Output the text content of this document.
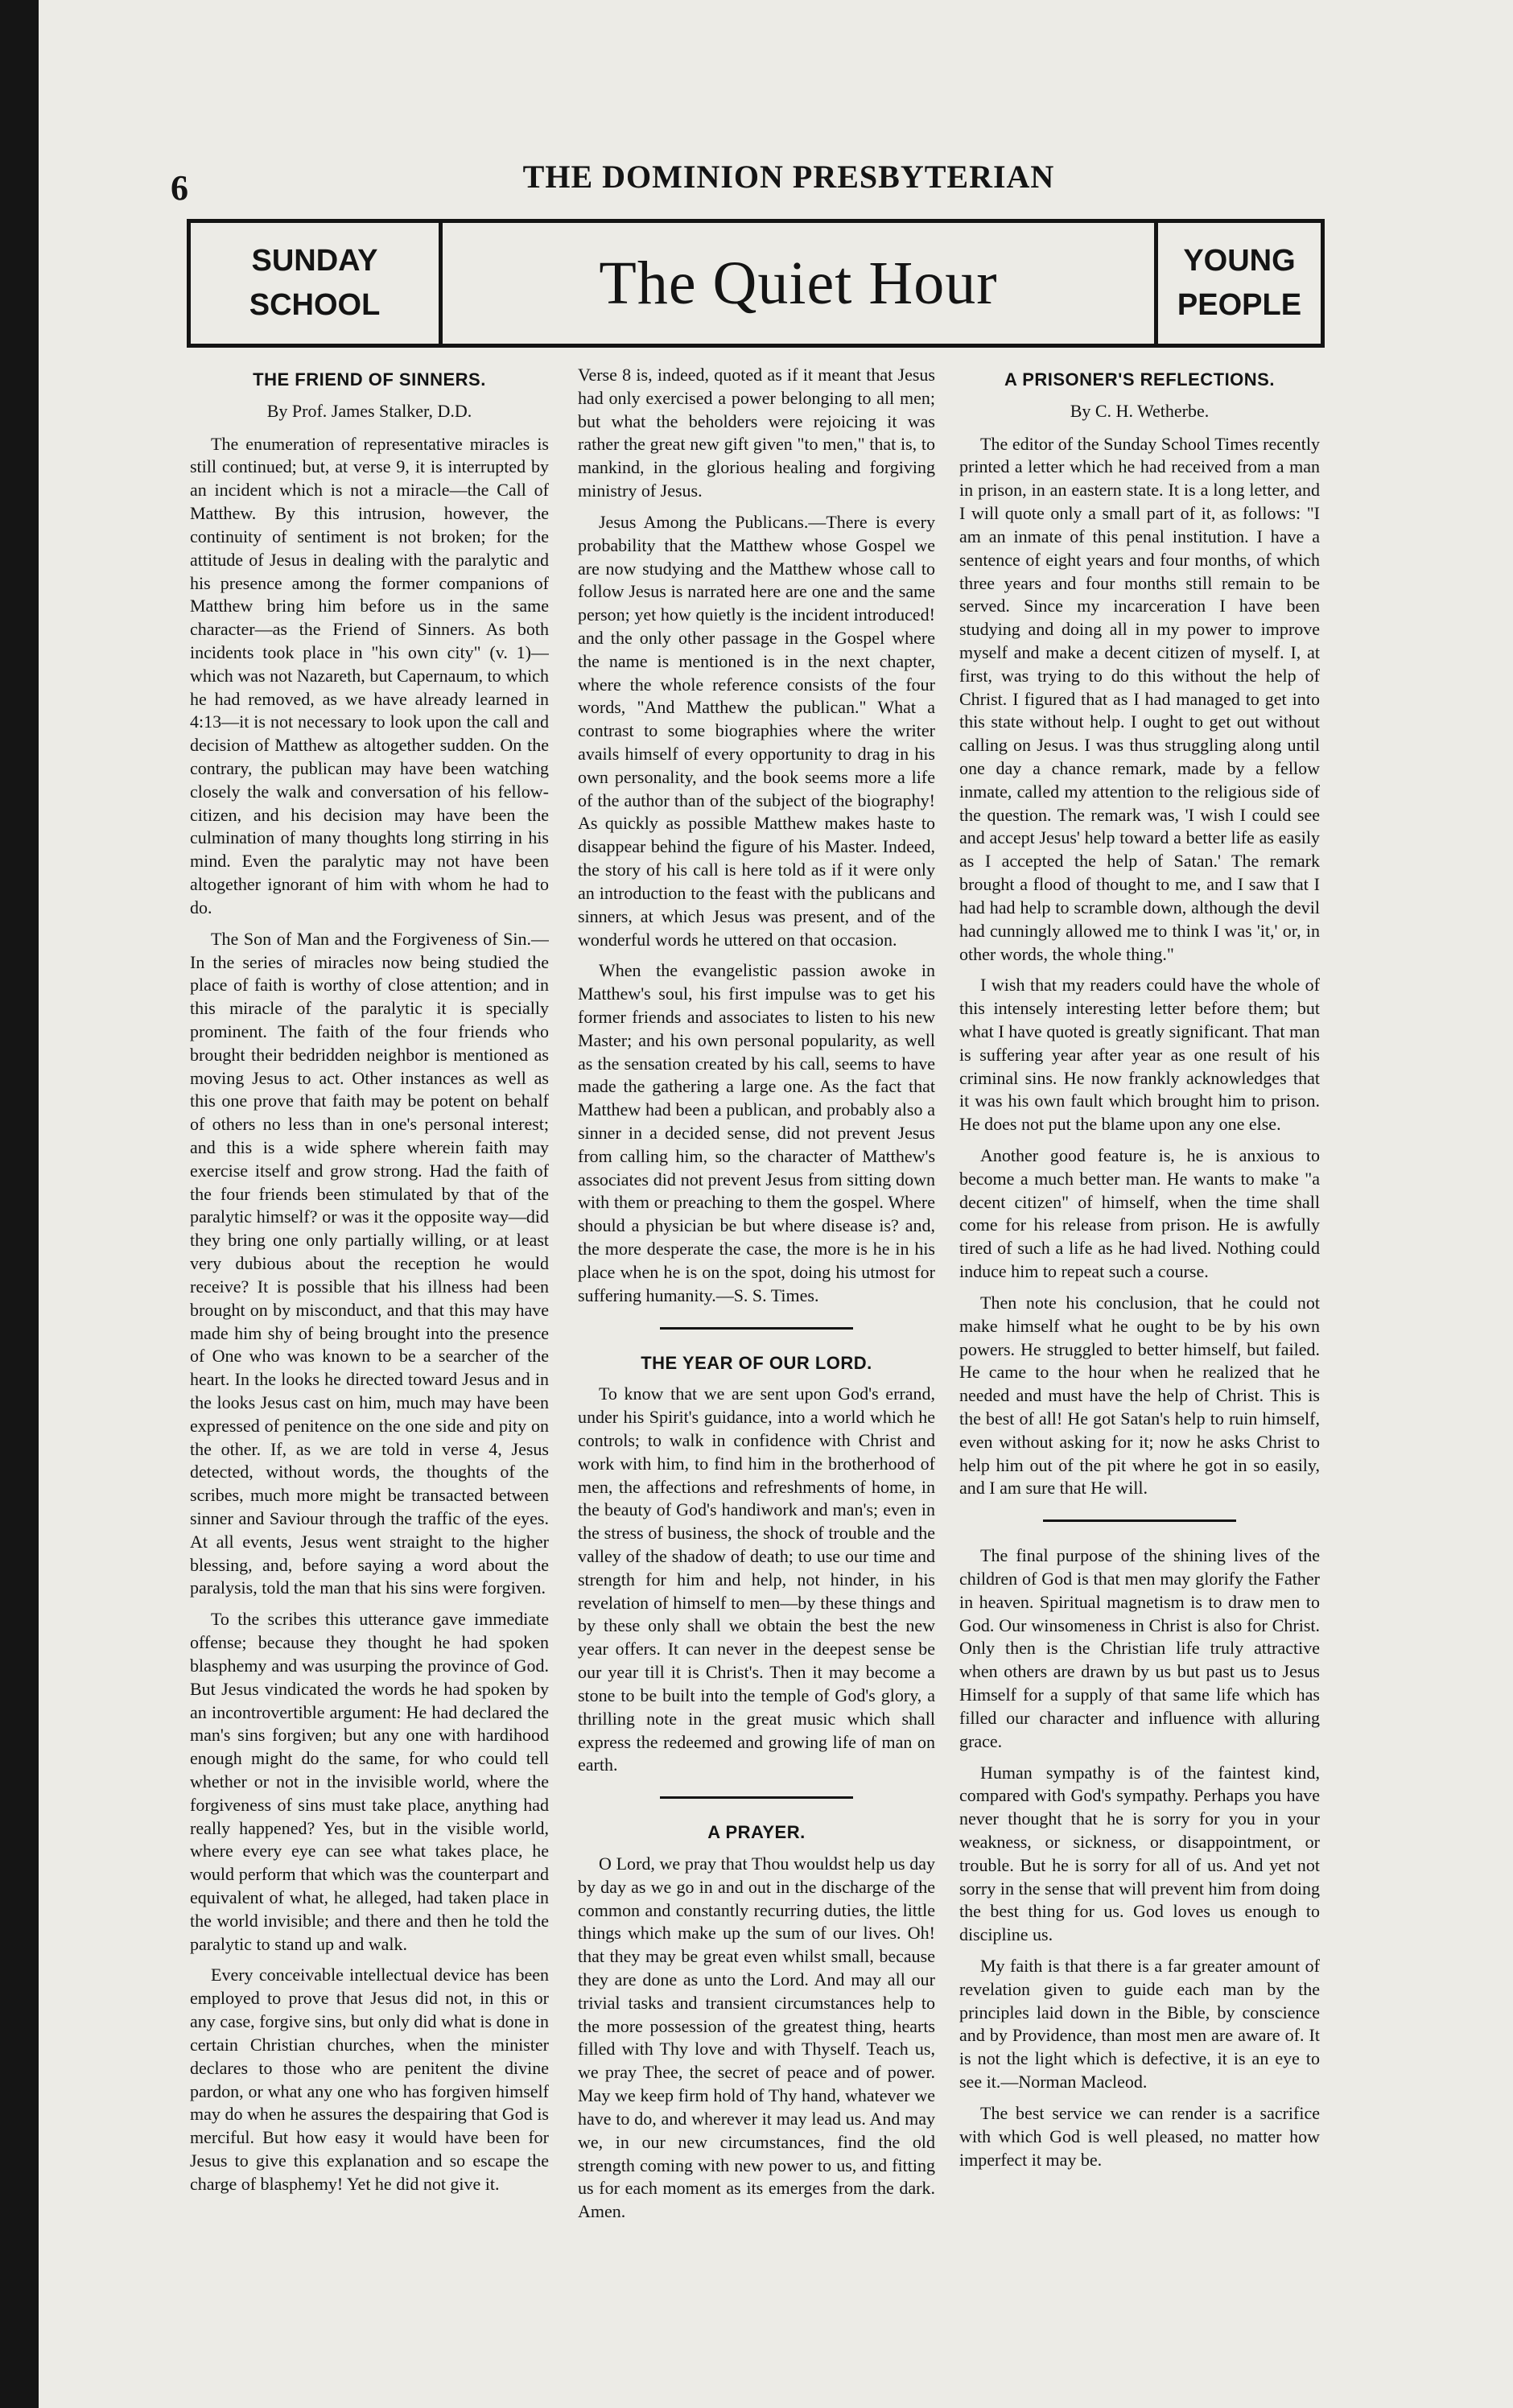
6	THE DOMINION PRESBYTERIAN
SUNDAY
SCHOOL	The Quiet Hour	YOUNG
PEOPLE
THE FRIEND OF SINNERS.
By Prof. James Stalker, D.D.

The enumeration of representative miracles is still continued; but, at verse 9, it is interrupted by an incident which is not a miracle—the Call of Matthew. By this intrusion, however, the continuity of sentiment is not broken; for the attitude of Jesus in dealing with the paralytic and his presence among the former companions of Matthew bring him before us in the same character—as the Friend of Sinners. As both incidents took place in "his own city" (v. 1)—which was not Nazareth, but Capernaum, to which he had removed, as we have already learned in 4:13—it is not necessary to look upon the call and decision of Matthew as altogether sudden. On the contrary, the publican may have been watching closely the walk and conversation of his fellow-citizen, and his decision may have been the culmination of many thoughts long stirring in his mind. Even the paralytic may not have been altogether ignorant of him with whom he had to do.

The Son of Man and the Forgiveness of Sin.—In the series of miracles now being studied the place of faith is worthy of close attention; and in this miracle of the paralytic it is specially prominent. The faith of the four friends who brought their bedridden neighbor is mentioned as moving Jesus to act. Other instances as well as this one prove that faith may be potent on behalf of others no less than in one's personal interest; and this is a wide sphere wherein faith may exercise itself and grow strong. Had the faith of the four friends been stimulated by that of the paralytic himself? or was it the opposite way—did they bring one only partially willing, or at least very dubious about the reception he would receive? It is possible that his illness had been brought on by misconduct, and that this may have made him shy of being brought into the presence of One who was known to be a searcher of the heart. In the looks he directed toward Jesus and in the looks Jesus cast on him, much may have been expressed of penitence on the one side and pity on the other. If, as we are told in verse 4, Jesus detected, without words, the thoughts of the scribes, much more might be transacted between sinner and Saviour through the traffic of the eyes. At all events, Jesus went straight to the higher blessing, and, before saying a word about the paralysis, told the man that his sins were forgiven.

To the scribes this utterance gave immediate offense; because they thought he had spoken blasphemy and was usurping the province of God. But Jesus vindicated the words he had spoken by an incontrovertible argument: He had declared the man's sins forgiven; but any one with hardihood enough might do the same, for who could tell whether or not in the invisible world, where the forgiveness of sins must take place, anything had really happened? Yes, but in the visible world, where every eye can see what takes place, he would perform that which was the counterpart and equivalent of what, he alleged, had taken place in the world invisible; and there and then he told the paralytic to stand up and walk.

Every conceivable intellectual device has been employed to prove that Jesus did not, in this or any case, forgive sins, but only did what is done in certain Christian churches, when the minister declares to those who are penitent the divine pardon, or what any one who has forgiven himself may do when he assures the despairing that God is merciful. But how easy it would have been for Jesus to give this explanation and so escape the charge of blasphemy! Yet he did not give it.

Verse 8 is, indeed, quoted as if it meant that Jesus had only exercised a power belonging to all men; but what the beholders were rejoicing it was rather the great new gift given "to men," that is, to mankind, in the glorious healing and forgiving ministry of Jesus.

Jesus Among the Publicans.—There is every probability that the Matthew whose Gospel we are now studying and the Matthew whose call to follow Jesus is narrated here are one and the same person; yet how quietly is the incident introduced! and the only other passage in the Gospel where the name is mentioned is in the next chapter, where the whole reference consists of the four words, "And Matthew the publican." What a contrast to some biographies where the writer avails himself of every opportunity to drag in his own personality, and the book seems more a life of the author than of the subject of the biography! As quickly as possible Matthew makes haste to disappear behind the figure of his Master. Indeed, the story of his call is here told as if it were only an introduction to the feast with the publicans and sinners, at which Jesus was present, and of the wonderful words he uttered on that occasion.

When the evangelistic passion awoke in Matthew's soul, his first impulse was to get his former friends and associates to listen to his new Master; and his own personal popularity, as well as the sensation created by his call, seems to have made the gathering a large one. As the fact that Matthew had been a publican, and probably also a sinner in a decided sense, did not prevent Jesus from calling him, so the character of Matthew's associates did not prevent Jesus from sitting down with them or preaching to them the gospel. Where should a physician be but where disease is? and, the more desperate the case, the more is he in his place when he is on the spot, doing his utmost for suffering humanity.—S. S. Times.

THE YEAR OF OUR LORD.

To know that we are sent upon God's errand, under his Spirit's guidance, into a world which he controls; to walk in confidence with Christ and work with him, to find him in the brotherhood of men, the affections and refreshments of home, in the beauty of God's handiwork and man's; even in the stress of business, the shock of trouble and the valley of the shadow of death; to use our time and strength for him and help, not hinder, in his revelation of himself to men—by these things and by these only shall we obtain the best the new year offers. It can never in the deepest sense be our year till it is Christ's. Then it may become a stone to be built into the temple of God's glory, a thrilling note in the great music which shall express the redeemed and growing life of man on earth.

A PRAYER.

O Lord, we pray that Thou wouldst help us day by day as we go in and out in the discharge of the common and constantly recurring duties, the little things which make up the sum of our lives. Oh! that they may be great even whilst small, because they are done as unto the Lord. And may all our trivial tasks and transient circumstances help to the more possession of the greatest thing, hearts filled with Thy love and with Thyself. Teach us, we pray Thee, the secret of peace and of power. May we keep firm hold of Thy hand, whatever we have to do, and wherever it may lead us. And may we, in our new circumstances, find the old strength coming with new power to us, and fitting us for each moment as its emerges from the dark. Amen.

A PRISONER'S REFLECTIONS.
By C. H. Wetherbe.

The editor of the Sunday School Times recently printed a letter which he had received from a man in prison, in an eastern state. It is a long letter, and I will quote only a small part of it, as follows: "I am an inmate of this penal institution. I have a sentence of eight years and four months, of which three years and four months still remain to be served. Since my incarceration I have been studying and doing all in my power to improve myself and make a decent citizen of myself. I, at first, was trying to do this without the help of Christ. I figured that as I had managed to get into this state without help. I ought to get out without calling on Jesus. I was thus struggling along until one day a chance remark, made by a fellow inmate, called my attention to the religious side of the question. The remark was, 'I wish I could see and accept Jesus' help toward a better life as easily as I accepted the help of Satan.' The remark brought a flood of thought to me, and I saw that I had had help to scramble down, although the devil had cunningly allowed me to think I was 'it,' or, in other words, the whole thing."

I wish that my readers could have the whole of this intensely interesting letter before them; but what I have quoted is greatly significant. That man is suffering year after year as one result of his criminal sins. He now frankly acknowledges that it was his own fault which brought him to prison. He does not put the blame upon any one else.

Another good feature is, he is anxious to become a much better man. He wants to make "a decent citizen" of himself, when the time shall come for his release from prison. He is awfully tired of such a life as he had lived. Nothing could induce him to repeat such a course.

Then note his conclusion, that he could not make himself what he ought to be by his own powers. He struggled to better himself, but failed. He came to the hour when he realized that he needed and must have the help of Christ. This is the best of all! He got Satan's help to ruin himself, even without asking for it; now he asks Christ to help him out of the pit where he got in so easily, and I am sure that He will.

The final purpose of the shining lives of the children of God is that men may glorify the Father in heaven. Spiritual magnetism is to draw men to God. Our winsomeness in Christ is also for Christ. Only then is the Christian life truly attractive when others are drawn by us but past us to Jesus Himself for a supply of that same life which has filled our character and influence with alluring grace.

Human sympathy is of the faintest kind, compared with God's sympathy. Perhaps you have never thought that he is sorry for you in your weakness, or sickness, or disappointment, or trouble. But he is sorry for all of us. And yet not sorry in the sense that will prevent him from doing the best thing for us. God loves us enough to discipline us.

My faith is that there is a far greater amount of revelation given to guide each man by the principles laid down in the Bible, by conscience and by Providence, than most men are aware of. It is not the light which is defective, it is an eye to see it.—Norman Macleod.

The best service we can render is a sacrifice with which God is well pleased, no matter how imperfect it may be.
